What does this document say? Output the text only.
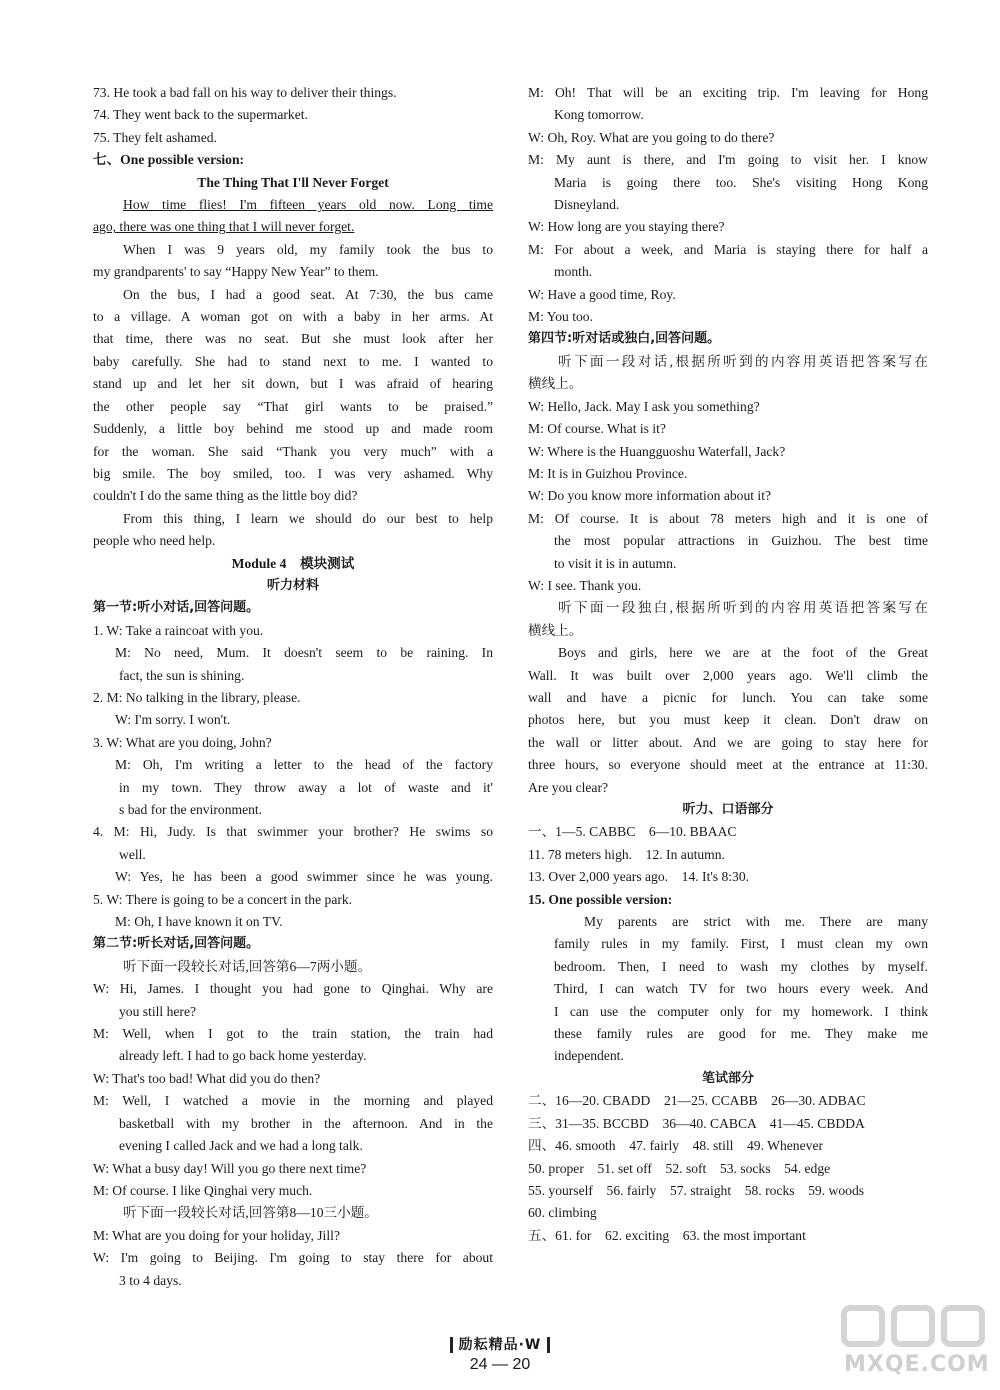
73. He took a bad fall on his way to deliver their things.

74. They went back to the supermarket.

75. They felt ashamed.

七、One possible version:

The Thing That I'll Never Forget

How time flies! I'm fifteen years old now. Long time

ago, there was one thing that I will never forget.

When I was 9 years old, my family took the bus to

my grandparents' to say “Happy New Year” to them.

On the bus, I had a good seat. At 7:30, the bus came

to a village. A woman got on with a baby in her arms. At

that time, there was no seat. But she must look after her

baby carefully. She had to stand next to me. I wanted to

stand up and let her sit down, but I was afraid of hearing

the other people say “That girl wants to be praised.”

Suddenly, a little boy behind me stood up and made room

for the woman. She said “Thank you very much” with a

big smile. The boy smiled, too. I was very ashamed. Why

couldn't I do the same thing as the little boy did?

From this thing, I learn we should do our best to help

people who need help.

Module 4　模块测试

听力材料

第一节:听小对话,回答问题。

1. W: Take a raincoat with you.

M: No need, Mum. It doesn't seem to be raining. In

fact, the sun is shining.

2. M: No talking in the library, please.

W: I'm sorry. I won't.

3. W: What are you doing, John?

M: Oh, I'm writing a letter to the head of the factory

in my town. They throw away a lot of waste and it'

s bad for the environment.

4. M: Hi, Judy. Is that swimmer your brother? He swims so

well.

W: Yes, he has been a good swimmer since he was young.

5. W: There is going to be a concert in the park.

M: Oh, I have known it on TV.

第二节:听长对话,回答问题。

听下面一段较长对话,回答第6—7两小题。

W: Hi, James. I thought you had gone to Qinghai. Why are

you still here?

M: Well, when I got to the train station, the train had

already left. I had to go back home yesterday.

W: That's too bad! What did you do then?

M: Well, I watched a movie in the morning and played

basketball with my brother in the afternoon. And in the

evening I called Jack and we had a long talk.

W: What a busy day! Will you go there next time?

M: Of course. I like Qinghai very much.

听下面一段较长对话,回答第8—10三小题。

M: What are you doing for your holiday, Jill?

W: I'm going to Beijing. I'm going to stay there for about

3 to 4 days.

M: Oh! That will be an exciting trip. I'm leaving for Hong

Kong tomorrow.

W: Oh, Roy. What are you going to do there?

M: My aunt is there, and I'm going to visit her. I know

Maria is going there too. She's visiting Hong Kong

Disneyland.

W: How long are you staying there?

M: For about a week, and Maria is staying there for half a

month.

W: Have a good time, Roy.

M: You too.

第四节:听对话或独白,回答问题。

听下面一段对话,根据所听到的内容用英语把答案写在

横线上。

W: Hello, Jack. May I ask you something?

M: Of course. What is it?

W: Where is the Huangguoshu Waterfall, Jack?

M: It is in Guizhou Province.

W: Do you know more information about it?

M: Of course. It is about 78 meters high and it is one of

the most popular attractions in Guizhou. The best time

to visit it is in autumn.

W: I see. Thank you.

听下面一段独白,根据所听到的内容用英语把答案写在

横线上。

Boys and girls, here we are at the foot of the Great

Wall. It was built over 2,000 years ago. We'll climb the

wall and have a picnic for lunch. You can take some

photos here, but you must keep it clean. Don't draw on

the wall or litter about. And we are going to stay here for

three hours, so everyone should meet at the entrance at 11:30.

Are you clear?

听力、口语部分

一、1—5. CABBC　6—10. BBAAC

11. 78 meters high.　12. In autumn.

13. Over 2,000 years ago.　14. It's 8:30.

15. One possible version:

My parents are strict with me. There are many

family rules in my family. First, I must clean my own

bedroom. Then, I need to wash my clothes by myself.

Third, I can watch TV for two hours every week. And

I can use the computer only for my homework. I think

these family rules are good for me. They make me

independent.

笔试部分

二、16—20. CBADD　21—25. CCABB　26—30. ADBAC

三、31—35. BCCBD　36—40. CABCA　41—45. CBDDA

四、46. smooth　47. fairly　48. still　49. Whenever

50. proper　51. set off　52. soft　53. socks　54. edge

55. yourself　56. fairly　57. straight　58. rocks　59. woods

60. climbing

五、61. for　62. exciting　63. the most important

励耘精品·W
24 — 20	MXQE.COM
